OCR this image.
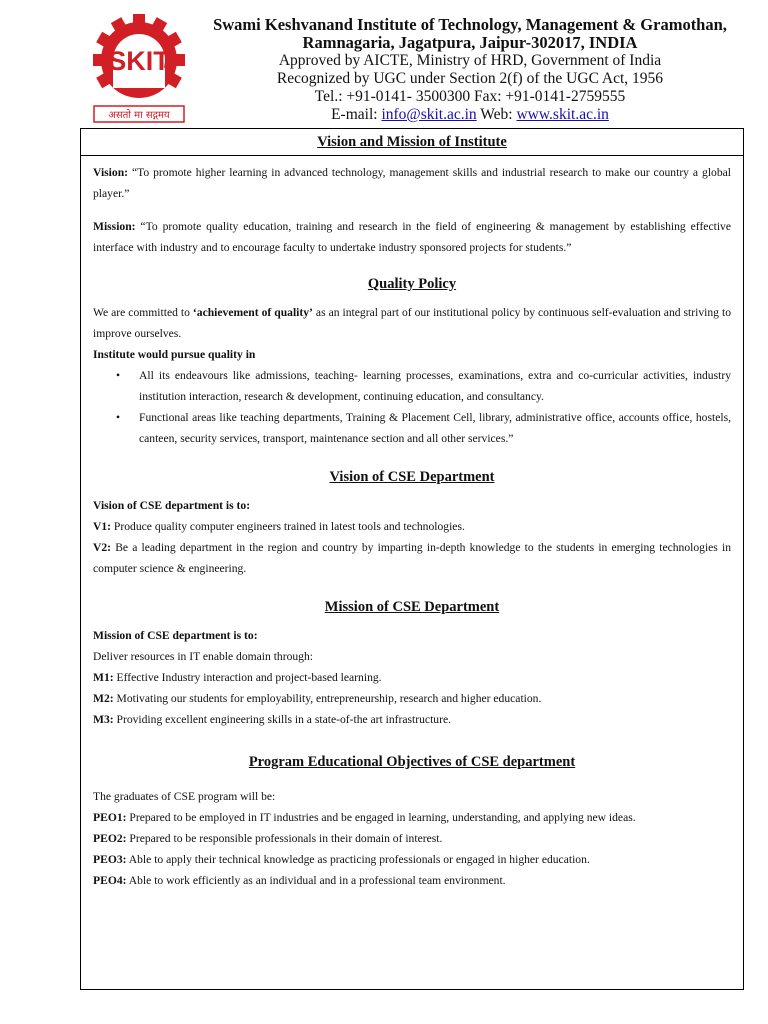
SKIT
असतो मा सद्गमय
Swami Keshvanand Institute of Technology, Management & Gramothan,
Ramnagaria, Jagatpura, Jaipur-302017, INDIA
Approved by AICTE, Ministry of HRD, Government of India
Recognized by UGC under Section 2(f) of the UGC Act, 1956
Tel.: +91-0141- 3500300 Fax: +91-0141-2759555
E-mail: info@skit.ac.in Web: www.skit.ac.in
Vision and Mission of Institute

Vision: “To promote higher learning in advanced technology, management skills and industrial research to make our country a global player.”

Mission: “To promote quality education, training and research in the field of engineering & management by establishing effective interface with industry and to encourage faculty to undertake industry sponsored projects for students.”

Quality Policy

We are committed to ‘achievement of quality’ as an integral part of our institutional policy by continuous self-evaluation and striving to improve ourselves.

Institute would pursue quality in

• All its endeavours like admissions, teaching- learning processes, examinations, extra and co-curricular activities, industry institution interaction, research & development, continuing education, and consultancy.
• Functional areas like teaching departments, Training & Placement Cell, library, administrative office, accounts office, hostels, canteen, security services, transport, maintenance section and all other services.”
Vision of CSE Department

Vision of CSE department is to:

V1: Produce quality computer engineers trained in latest tools and technologies.

V2: Be a leading department in the region and country by imparting in-depth knowledge to the students in emerging technologies in computer science & engineering.

Mission of CSE Department

Mission of CSE department is to:

Deliver resources in IT enable domain through:

M1: Effective Industry interaction and project-based learning.

M2: Motivating our students for employability, entrepreneurship, research and higher education.

M3: Providing excellent engineering skills in a state-of-the art infrastructure.

Program Educational Objectives of CSE department

The graduates of CSE program will be:

PEO1: Prepared to be employed in IT industries and be engaged in learning, understanding, and applying new ideas.

PEO2: Prepared to be responsible professionals in their domain of interest.

PEO3: Able to apply their technical knowledge as practicing professionals or engaged in higher education.

PEO4: Able to work efficiently as an individual and in a professional team environment.
